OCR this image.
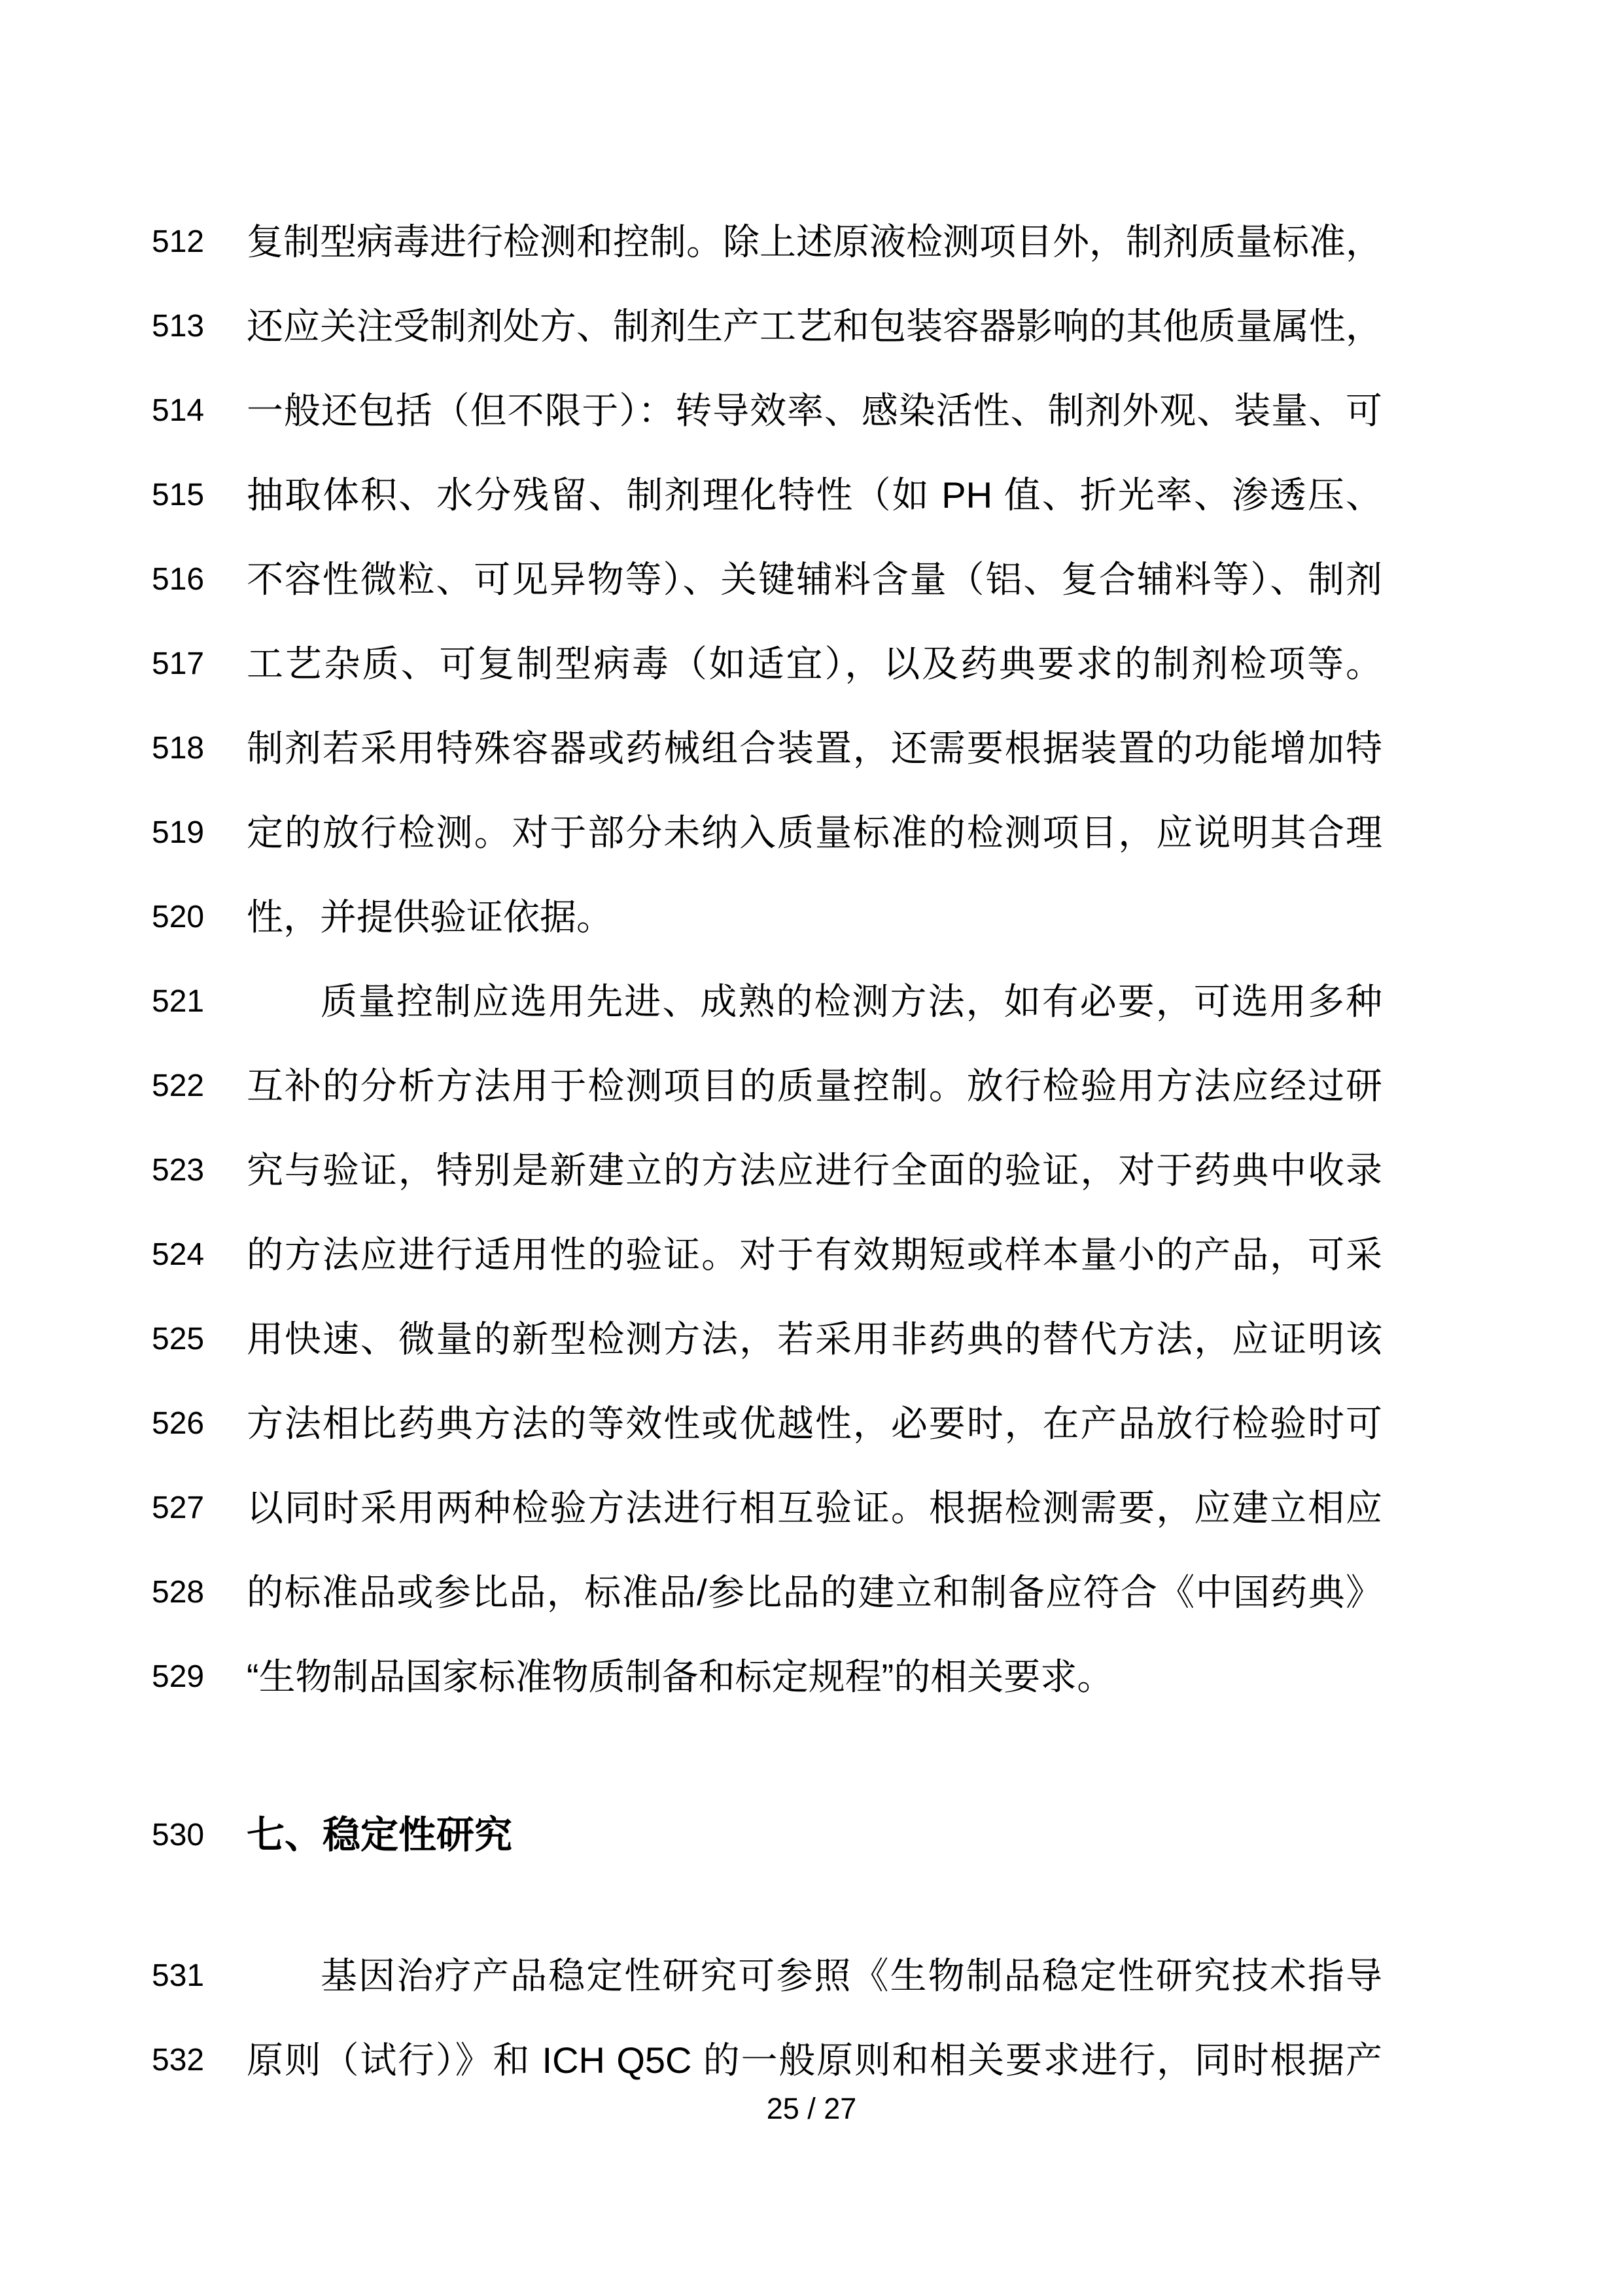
512	复制型病毒进行检测和控制。除上述原液检测项目外，制剂质量标准，
513	还应关注受制剂处方、制剂生产工艺和包装容器影响的其他质量属性，
514	一般还包括（但不限于）：转导效率、感染活性、制剂外观、装量、可
515	抽取体积、水分残留、制剂理化特性（如 PH 值、折光率、渗透压、
516	不容性微粒、可见异物等）、关键辅料含量（铝、复合辅料等）、制剂
517	工艺杂质、可复制型病毒（如适宜），以及药典要求的制剂检项等。
518	制剂若采用特殊容器或药械组合装置，还需要根据装置的功能增加特
519	定的放行检测。对于部分未纳入质量标准的检测项目，应说明其合理
520	性，并提供验证依据。
521	质量控制应选用先进、成熟的检测方法，如有必要，可选用多种
522	互补的分析方法用于检测项目的质量控制。放行检验用方法应经过研
523	究与验证，特别是新建立的方法应进行全面的验证，对于药典中收录
524	的方法应进行适用性的验证。对于有效期短或样本量小的产品，可采
525	用快速、微量的新型检测方法，若采用非药典的替代方法，应证明该
526	方法相比药典方法的等效性或优越性，必要时，在产品放行检验时可
527	以同时采用两种检验方法进行相互验证。根据检测需要，应建立相应
528	的标准品或参比品，标准品/参比品的建立和制备应符合《中国药典》
529	“生物制品国家标准物质制备和标定规程”的相关要求。
530	七、稳定性研究
531	基因治疗产品稳定性研究可参照《生物制品稳定性研究技术指导
532	原则（试行）》和 ICH Q5C 的一般原则和相关要求进行，同时根据产
25 / 27
